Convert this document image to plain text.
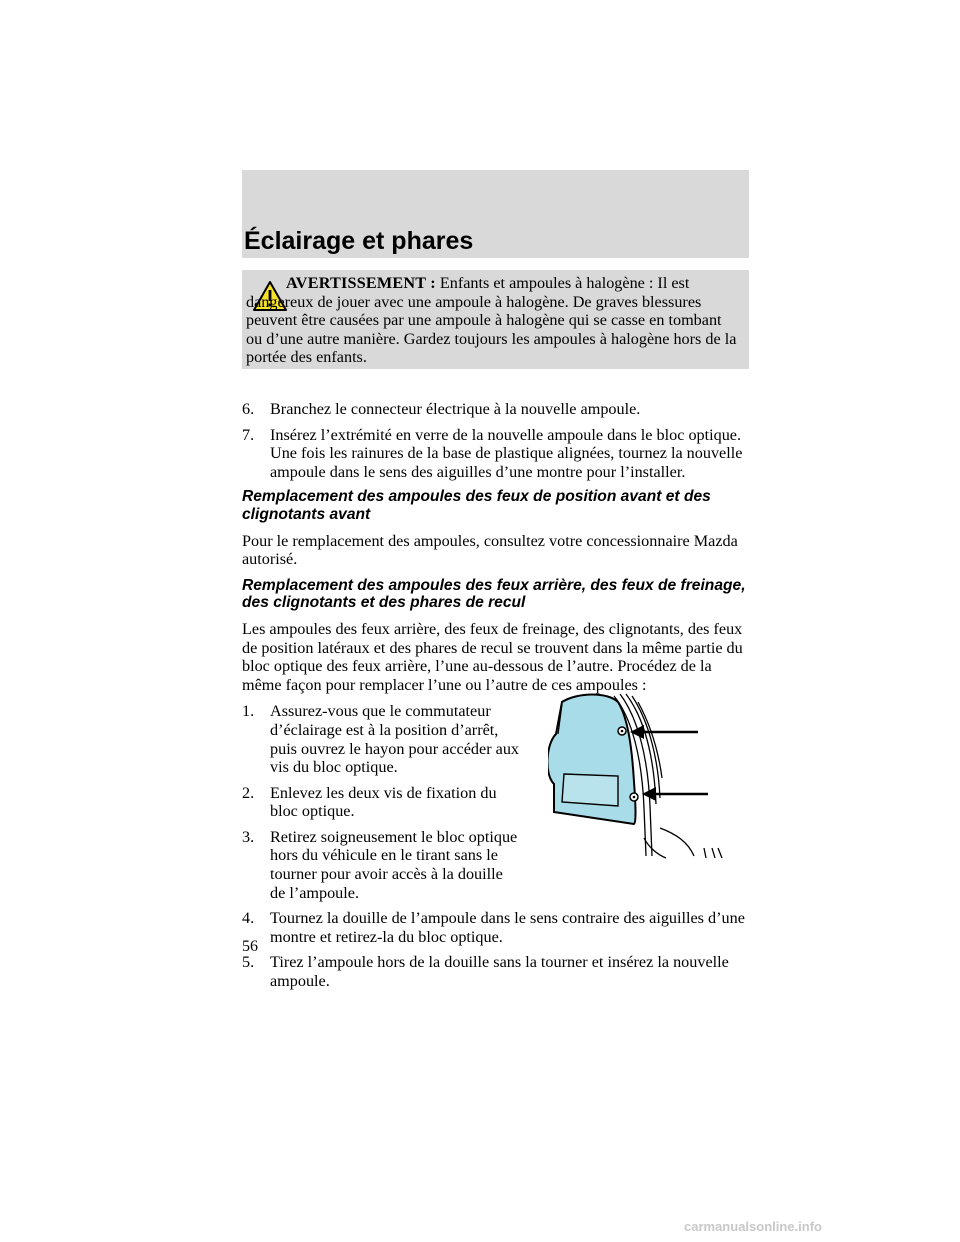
Éclairage et phares
AVERTISSEMENT : Enfants et ampoules à halogène : Il est dangereux de jouer avec une ampoule à halogène. De graves blessures peuvent être causées par une ampoule à halogène qui se casse en tombant ou d’une autre manière. Gardez toujours les ampoules à halogène hors de la portée des enfants.
6. Branchez le connecteur électrique à la nouvelle ampoule.
7. Insérez l’extrémité en verre de la nouvelle ampoule dans le bloc optique. Une fois les rainures de la base de plastique alignées, tournez la nouvelle ampoule dans le sens des aiguilles d’une montre pour l’installer.
Remplacement des ampoules des feux de position avant et des clignotants avant

Pour le remplacement des ampoules, consultez votre concessionnaire Mazda autorisé.

Remplacement des ampoules des feux arrière, des feux de freinage, des clignotants et des phares de recul

Les ampoules des feux arrière, des feux de freinage, des clignotants, des feux de position latéraux et des phares de recul se trouvent dans la même partie du bloc optique des feux arrière, l’une au-dessous de l’autre. Procédez de la même façon pour remplacer l’une ou l’autre de ces ampoules :

1. Assurez-vous que le commutateur d’éclairage est à la position d’arrêt, puis ouvrez le hayon pour accéder aux vis du bloc optique.
2. Enlevez les deux vis de fixation du bloc optique.
3. Retirez soigneusement le bloc optique hors du véhicule en le tirant sans le tourner pour avoir accès à la douille de l’ampoule.
4. Tournez la douille de l’ampoule dans le sens contraire des aiguilles d’une montre et retirez-la du bloc optique.
5. Tirez l’ampoule hors de la douille sans la tourner et insérez la nouvelle ampoule.
56
carmanualsonline.info
